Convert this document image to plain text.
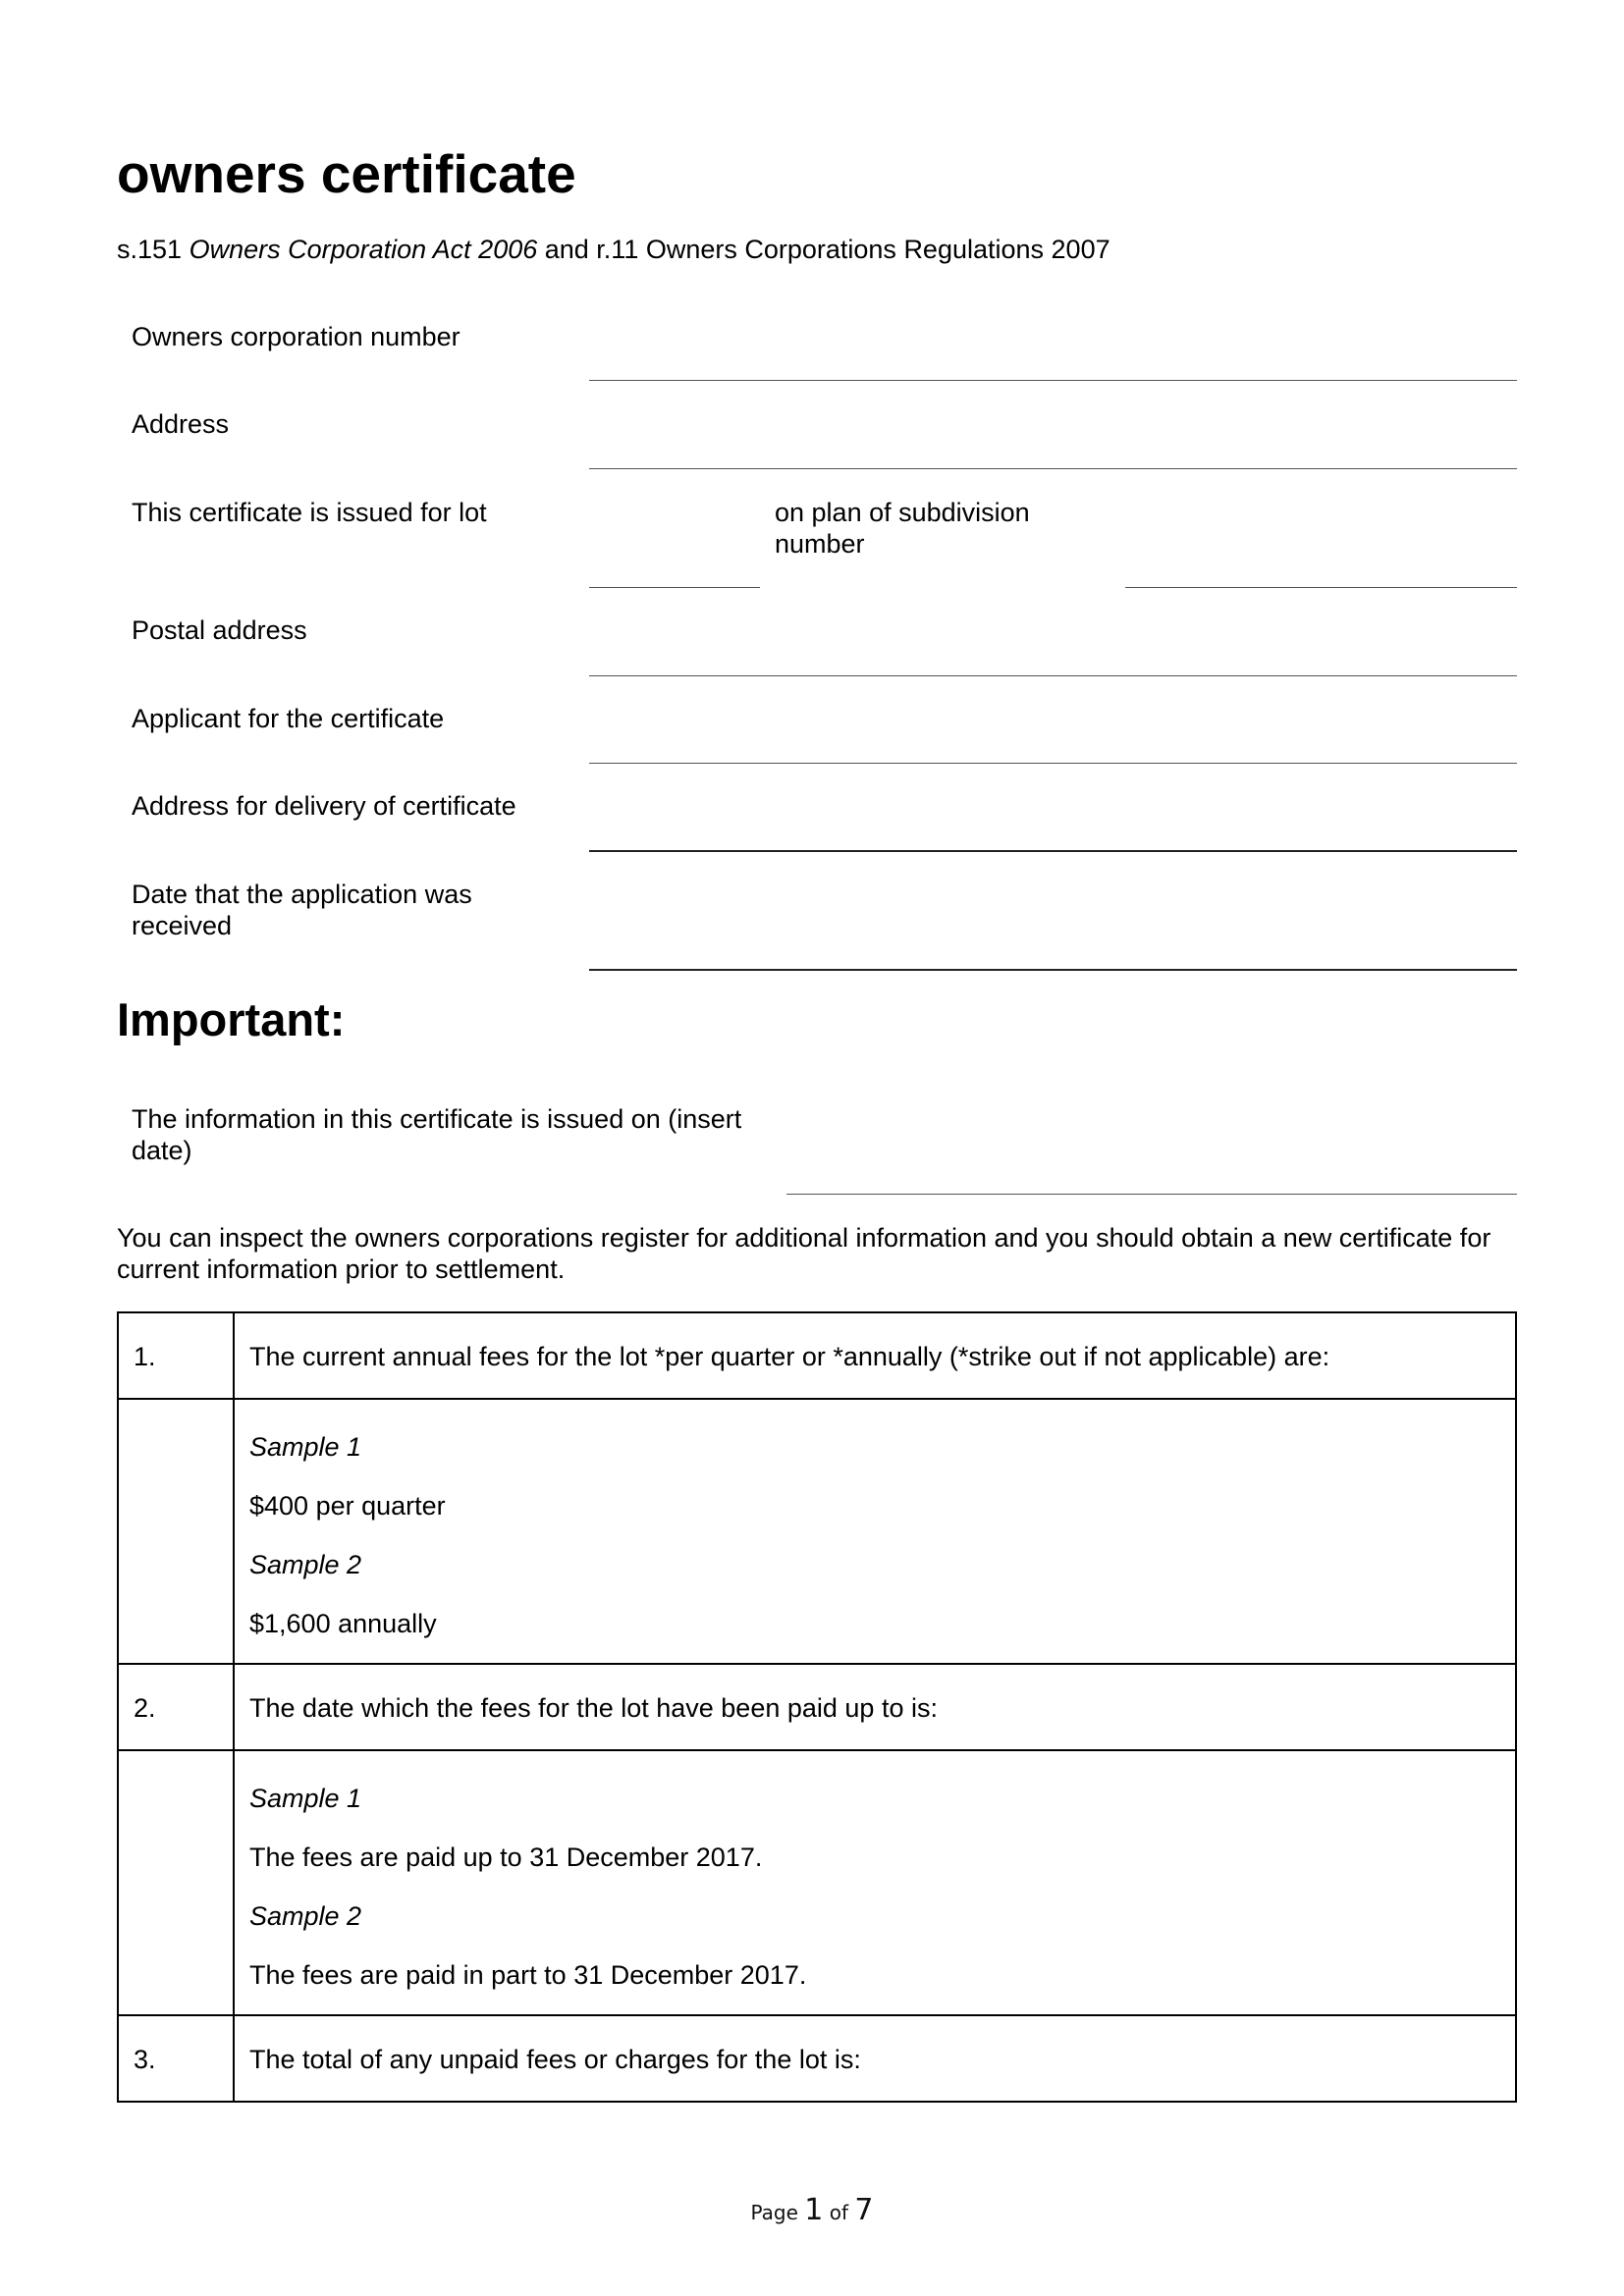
owners certificate
s.151 Owners Corporation Act 2006 and r.11 Owners Corporations Regulations 2007
Owners corporation number
Address
This certificate is issued for lot	on plan of subdivision number
Postal address
Applicant for the certificate
Address for delivery of certificate
Date that the application was received
Important:
The information in this certificate is issued on (insert date)
You can inspect the owners corporations register for additional information and you should obtain a new certificate for current information prior to settlement.
1.	The current annual fees for the lot *per quarter or *annually (*strike out if not applicable) are:

	Sample 1
$400 per quarter
Sample 2
$1,600 annually

2.	The date which the fees for the lot have been paid up to is:

	Sample 1
The fees are paid up to 31 December 2017.
Sample 2
The fees are paid in part to 31 December 2017.

3.	The total of any unpaid fees or charges for the lot is:
Page 1 of 7
